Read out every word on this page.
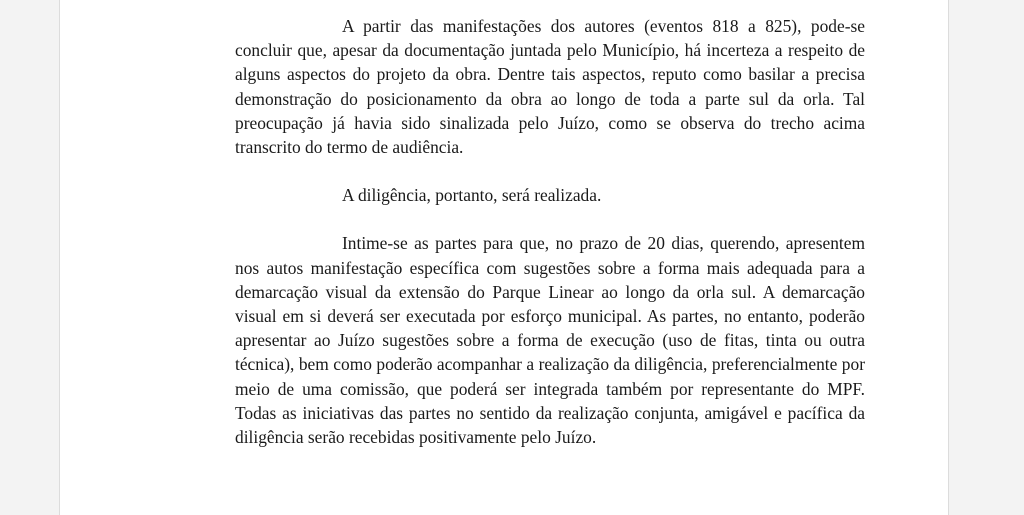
A partir das manifestações dos autores (eventos 818 a 825), pode-se concluir que, apesar da documentação juntada pelo Município, há incerteza a respeito de alguns aspectos do projeto da obra. Dentre tais aspectos, reputo como basilar a precisa demonstração do posicionamento da obra ao longo de toda a parte sul da orla. Tal preocupação já havia sido sinalizada pelo Juízo, como se observa do trecho acima transcrito do termo de audiência.

A diligência, portanto, será realizada.

Intime-se as partes para que, no prazo de 20 dias, querendo, apresentem nos autos manifestação específica com sugestões sobre a forma mais adequada para a demarcação visual da extensão do Parque Linear ao longo da orla sul. A demarcação visual em si deverá ser executada por esforço municipal. As partes, no entanto, poderão apresentar ao Juízo sugestões sobre a forma de execução (uso de fitas, tinta ou outra técnica), bem como poderão acompanhar a realização da diligência, preferencialmente por meio de uma comissão, que poderá ser integrada também por representante do MPF. Todas as iniciativas das partes no sentido da realização conjunta, amigável e pacífica da diligência serão recebidas positivamente pelo Juízo.
